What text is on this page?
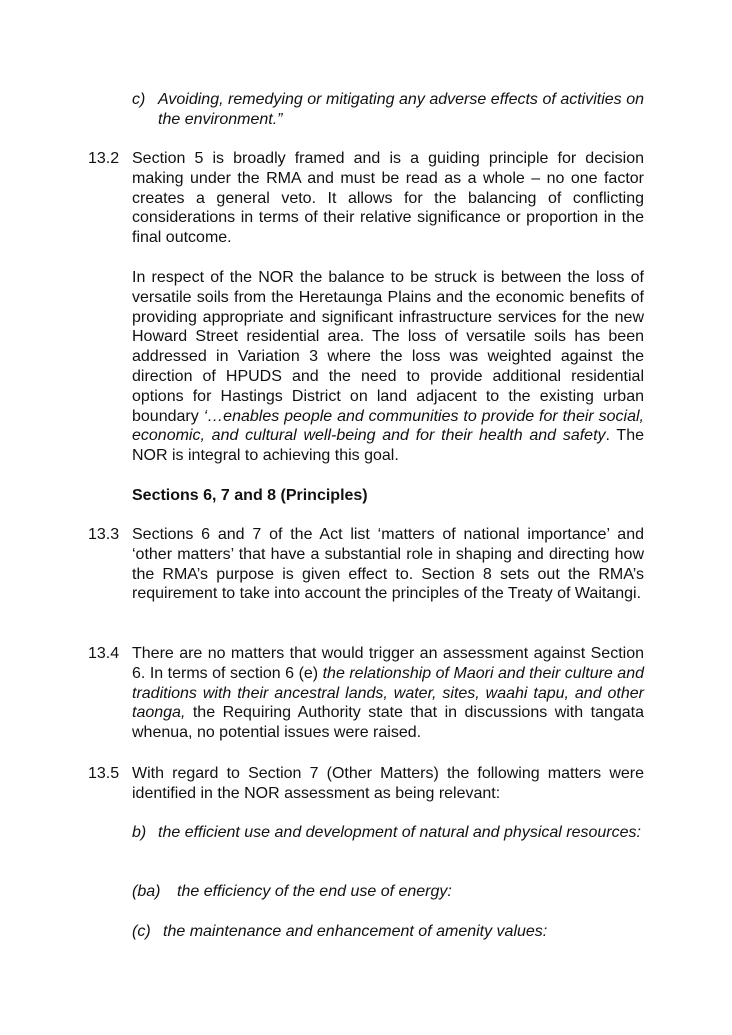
c) Avoiding, remedying or mitigating any adverse effects of activities on the environment.”
13.2 Section 5 is broadly framed and is a guiding principle for decision making under the RMA and must be read as a whole – no one factor creates a general veto. It allows for the balancing of conflicting considerations in terms of their relative significance or proportion in the final outcome.
In respect of the NOR the balance to be struck is between the loss of versatile soils from the Heretaunga Plains and the economic benefits of providing appropriate and significant infrastructure services for the new Howard Street residential area. The loss of versatile soils has been addressed in Variation 3 where the loss was weighted against the direction of HPUDS and the need to provide additional residential options for Hastings District on land adjacent to the existing urban boundary ‘…enables people and communities to provide for their social, economic, and cultural well-being and for their health and safety. The NOR is integral to achieving this goal.
Sections 6, 7 and 8 (Principles)
13.3 Sections 6 and 7 of the Act list ‘matters of national importance’ and ‘other matters’ that have a substantial role in shaping and directing how the RMA’s purpose is given effect to. Section 8 sets out the RMA’s requirement to take into account the principles of the Treaty of Waitangi.
13.4 There are no matters that would trigger an assessment against Section 6. In terms of section 6 (e) the relationship of Maori and their culture and traditions with their ancestral lands, water, sites, waahi tapu, and other taonga, the Requiring Authority state that in discussions with tangata whenua, no potential issues were raised.
13.5 With regard to Section 7 (Other Matters) the following matters were identified in the NOR assessment as being relevant:
b) the efficient use and development of natural and physical resources:
(ba) the efficiency of the end use of energy:
(c) the maintenance and enhancement of amenity values:
